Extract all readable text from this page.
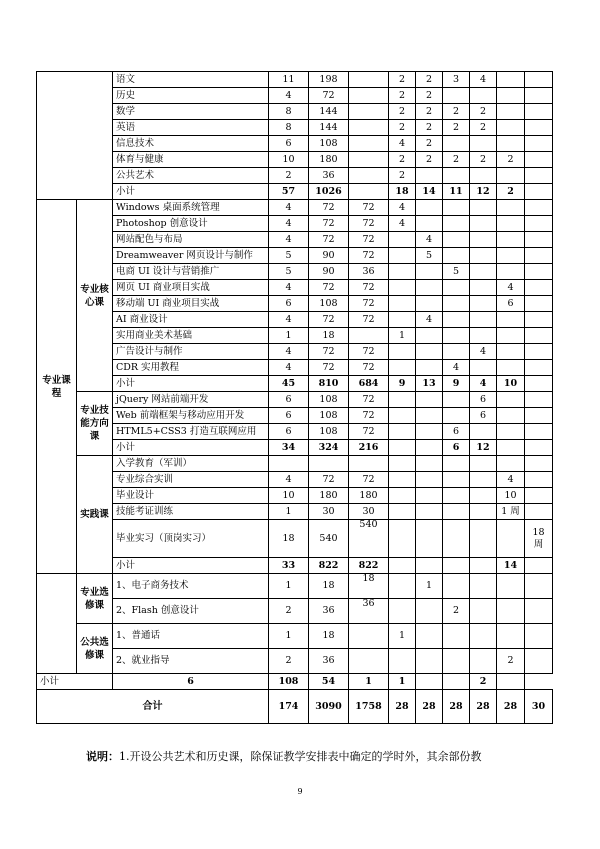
		语文	11	198		2	2	3	4		
		历史	4	72		2	2				
		数学	8	144		2	2	2	2		
		英语	8	144		2	2	2	2		
		信息技术	6	108		4	2				
		体育与健康	10	180		2	2	2	2	2	
		公共艺术	2	36		2					
		小计	57	1026		18	14	11	12	2	
专业课程	专业核心课	Windows 桌面系统管理	4	72	72	4					
		Photoshop 创意设计	4	72	72	4					
		网站配色与布局	4	72	72		4				
		Dreamweaver 网页设计与制作	5	90	72		5				
		电商 UI 设计与营销推广	5	90	36			5			
		网页 UI 商业项目实战	4	72	72					4	
		移动端 UI 商业项目实战	6	108	72					6	
		AI 商业设计	4	72	72		4				
		实用商业美术基础	1	18		1					
		广告设计与制作	4	72	72				4		
		CDR 实用教程	4	72	72			4			
		小计	45	810	684	9	13	9	4	10	
	专业技能方向课	jQuery 网站前端开发	6	108	72				6		
		Web 前端框架与移动应用开发	6	108	72				6		
		HTML5+CSS3 打造互联网应用	6	108	72			6			
		小计	34	324	216			6	12		
	实践课	入学教育（军训）									
		专业综合实训	4	72	72					4	
		毕业设计	10	180	180					10	
		技能考证训练	1	30	30					1 周	
		毕业实习（顶岗实习）	18	540	540						18 周
		小计	33	822	822					14	
	专业选修课	1、电子商务技术	1	18	18		1				
		2、Flash 创意设计	2	36	36			2			
	公共选修课	1、普通话	1	18		1					
		2、就业指导	2	36						2	
小计		6	108	54	1	1			2		
合计			174	3090	1758	28	28	28	28	28	30
说明：1.开设公共艺术和历史课，除保证教学安排表中确定的学时外，其余部份教
9
